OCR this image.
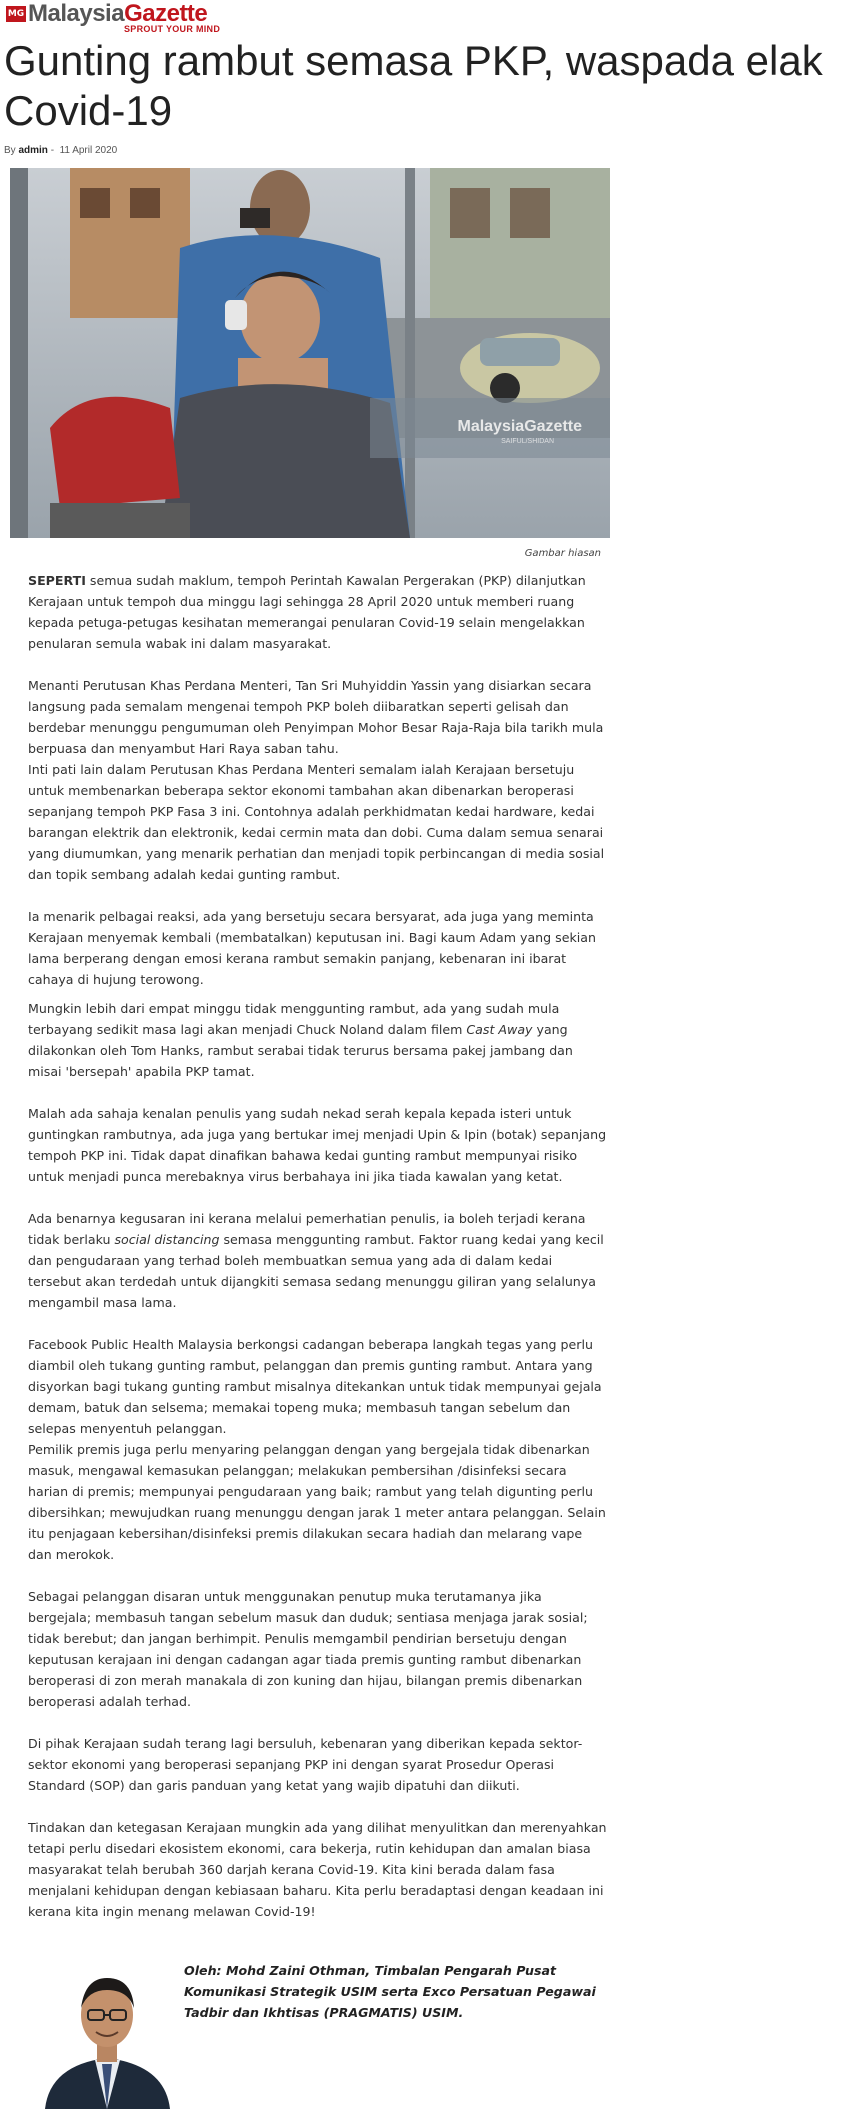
MG MalaysiaGazette
SPROUT YOUR MIND
Gunting rambut semasa PKP, waspada elak Covid-19
By admin - 11 April 2020
MalaysiaGazette
SAIFUL/SHIDAN
Gambar hiasan

SEPERTI semua sudah maklum, tempoh Perintah Kawalan Pergerakan (PKP) dilanjutkan Kerajaan untuk tempoh dua minggu lagi sehingga 28 April 2020 untuk memberi ruang kepada petuga-petugas kesihatan memerangai penularan Covid-19 selain mengelakkan penularan semula wabak ini dalam masyarakat.

Menanti Perutusan Khas Perdana Menteri, Tan Sri Muhyiddin Yassin yang disiarkan secara langsung pada semalam mengenai tempoh PKP boleh diibaratkan seperti gelisah dan berdebar menunggu pengumuman oleh Penyimpan Mohor Besar Raja-Raja bila tarikh mula berpuasa dan menyambut Hari Raya saban tahu.

Inti pati lain dalam Perutusan Khas Perdana Menteri semalam ialah Kerajaan bersetuju untuk membenarkan beberapa sektor ekonomi tambahan akan dibenarkan beroperasi sepanjang tempoh PKP Fasa 3 ini. Contohnya adalah perkhidmatan kedai hardware, kedai barangan elektrik dan elektronik, kedai cermin mata dan dobi. Cuma dalam semua senarai yang diumumkan, yang menarik perhatian dan menjadi topik perbincangan di media sosial dan topik sembang adalah kedai gunting rambut.

Ia menarik pelbagai reaksi, ada yang bersetuju secara bersyarat, ada juga yang meminta Kerajaan menyemak kembali (membatalkan) keputusan ini. Bagi kaum Adam yang sekian lama berperang dengan emosi kerana rambut semakin panjang, kebenaran ini ibarat cahaya di hujung terowong.

Mungkin lebih dari empat minggu tidak menggunting rambut, ada yang sudah mula terbayang sedikit masa lagi akan menjadi Chuck Noland dalam filem Cast Away yang dilakonkan oleh Tom Hanks, rambut serabai tidak terurus bersama pakej jambang dan misai 'bersepah' apabila PKP tamat.

Malah ada sahaja kenalan penulis yang sudah nekad serah kepala kepada isteri untuk guntingkan rambutnya, ada juga yang bertukar imej menjadi Upin & Ipin (botak) sepanjang tempoh PKP ini. Tidak dapat dinafikan bahawa kedai gunting rambut mempunyai risiko untuk menjadi punca merebaknya virus berbahaya ini jika tiada kawalan yang ketat.

Ada benarnya kegusaran ini kerana melalui pemerhatian penulis, ia boleh terjadi kerana tidak berlaku social distancing semasa menggunting rambut. Faktor ruang kedai yang kecil dan pengudaraan yang terhad boleh membuatkan semua yang ada di dalam kedai tersebut akan terdedah untuk dijangkiti semasa sedang menunggu giliran yang selalunya mengambil masa lama.

Facebook Public Health Malaysia berkongsi cadangan beberapa langkah tegas yang perlu diambil oleh tukang gunting rambut, pelanggan dan premis gunting rambut. Antara yang disyorkan bagi tukang gunting rambut misalnya ditekankan untuk tidak mempunyai gejala demam, batuk dan selsema; memakai topeng muka; membasuh tangan sebelum dan selepas menyentuh pelanggan.

Pemilik premis juga perlu menyaring pelanggan dengan yang bergejala tidak dibenarkan masuk, mengawal kemasukan pelanggan; melakukan pembersihan /disinfeksi secara harian di premis; mempunyai pengudaraan yang baik; rambut yang telah digunting perlu dibersihkan; mewujudkan ruang menunggu dengan jarak 1 meter antara pelanggan. Selain itu penjagaan kebersihan/disinfeksi premis dilakukan secara hadiah dan melarang vape dan merokok.

Sebagai pelanggan disaran untuk menggunakan penutup muka terutamanya jika bergejala; membasuh tangan sebelum masuk dan duduk; sentiasa menjaga jarak sosial; tidak berebut; dan jangan berhimpit. Penulis memgambil pendirian bersetuju dengan keputusan kerajaan ini dengan cadangan agar tiada premis gunting rambut dibenarkan beroperasi di zon merah manakala di zon kuning dan hijau, bilangan premis dibenarkan beroperasi adalah terhad.

Di pihak Kerajaan sudah terang lagi bersuluh, kebenaran yang diberikan kepada sektor-sektor ekonomi yang beroperasi sepanjang PKP ini dengan syarat Prosedur Operasi Standard (SOP) dan garis panduan yang ketat yang wajib dipatuhi dan diikuti.

Tindakan dan ketegasan Kerajaan mungkin ada yang dilihat menyulitkan dan merenyahkan tetapi perlu disedari ekosistem ekonomi, cara bekerja, rutin kehidupan dan amalan biasa masyarakat telah berubah 360 darjah kerana Covid-19. Kita kini berada dalam fasa menjalani kehidupan dengan kebiasaan baharu. Kita perlu beradaptasi dengan keadaan ini kerana kita ingin menang melawan Covid-19!

Oleh: Mohd Zaini Othman, Timbalan Pengarah Pusat Komunikasi Strategik USIM serta Exco Persatuan Pegawai Tadbir dan Ikhtisas (PRAGMATIS) USIM.
